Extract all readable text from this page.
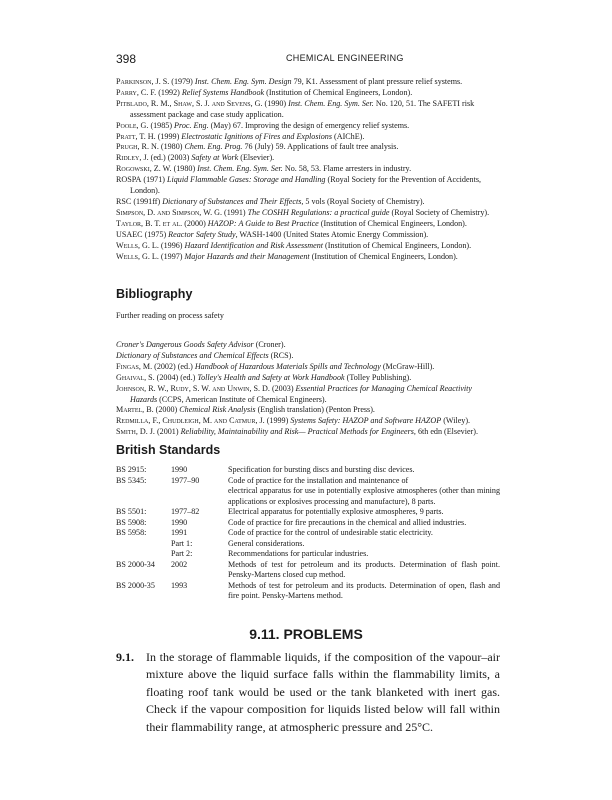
398	CHEMICAL ENGINEERING
Parkinson, J. S. (1979) Inst. Chem. Eng. Sym. Design 79, K1. Assessment of plant pressure relief systems.
Parry, C. F. (1992) Relief Systems Handbook (Institution of Chemical Engineers, London).
Pitblado, R. M., Shaw, S. J. and Sevens, G. (1990) Inst. Chem. Eng. Sym. Ser. No. 120, 51. The SAFETI risk assessment package and case study application.
Poole, G. (1985) Proc. Eng. (May) 67. Improving the design of emergency relief systems.
Pratt, T. H. (1999) Electrostatic Ignitions of Fires and Explosions (AIChE).
Prugh, R. N. (1980) Chem. Eng. Prog. 76 (July) 59. Applications of fault tree analysis.
Ridley, J. (ed.) (2003) Safety at Work (Elsevier).
Rogowski, Z. W. (1980) Inst. Chem. Eng. Sym. Ser. No. 58, 53. Flame arresters in industry.
ROSPA (1971) Liquid Flammable Gases: Storage and Handling (Royal Society for the Prevention of Accidents, London).
RSC (1991ff) Dictionary of Substances and Their Effects, 5 vols (Royal Society of Chemistry).
Simpson, D. and Simpson, W. G. (1991) The COSHH Regulations: a practical guide (Royal Society of Chemistry).
Taylor, B. T. et al. (2000) HAZOP: A Guide to Best Practice (Institution of Chemical Engineers, London).
USAEC (1975) Reactor Safety Study, WASH-1400 (United States Atomic Energy Commission).
Wells, G. L. (1996) Hazard Identification and Risk Assessment (Institution of Chemical Engineers, London).
Wells, G. L. (1997) Major Hazards and their Management (Institution of Chemical Engineers, London).
Bibliography
Further reading on process safety
Croner's Dangerous Goods Safety Advisor (Croner).
Dictionary of Substances and Chemical Effects (RCS).
Fingas, M. (2002) (ed.) Handbook of Hazardous Materials Spills and Technology (McGraw-Hill).
Ghaival, S. (2004) (ed.) Tolley's Health and Safety at Work Handbook (Tolley Publishing).
Johnson, R. W., Rudy, S. W. and Unwin, S. D. (2003) Essential Practices for Managing Chemical Reactivity Hazards (CCPS, American Institute of Chemical Engineers).
Martel, B. (2000) Chemical Risk Analysis (English translation) (Penton Press).
Redmilla, F., Chudleigh, M. and Catmur, J. (1999) Systems Safety: HAZOP and Software HAZOP (Wiley).
Smith, D. J. (2001) Reliability, Maintainability and Risk— Practical Methods for Engineers, 6th edn (Elsevier).
British Standards
BS 2915:	1990	Specification for bursting discs and bursting disc devices.
BS 5345:	1977–90	Code of practice for the installation and maintenance of
electrical apparatus for use in potentially explosive atmospheres (other than mining applications or explosives processing and manufacture), 8 parts.
BS 5501:	1977–82	Electrical apparatus for potentially explosive atmospheres, 9 parts.
BS 5908:	1990	Code of practice for fire precautions in the chemical and allied industries.
BS 5958:	1991	Code of practice for the control of undesirable static electricity.
Part 1:	General considerations.
Part 2:	Recommendations for particular industries.
BS 2000-34 2002	Methods of test for petroleum and its products. Determination of flash point. Pensky-Martens closed cup method.
BS 2000-35 1993	Methods of test for petroleum and its products. Determination of open, flash and fire point. Pensky-Martens method.
9.11. PROBLEMS
9.1.	In the storage of flammable liquids, if the composition of the vapour–air mixture above the liquid surface falls within the flammability limits, a floating roof tank would be used or the tank blanketed with inert gas. Check if the vapour composition for liquids listed below will fall within their flammability range, at atmospheric pressure and 25°C.
